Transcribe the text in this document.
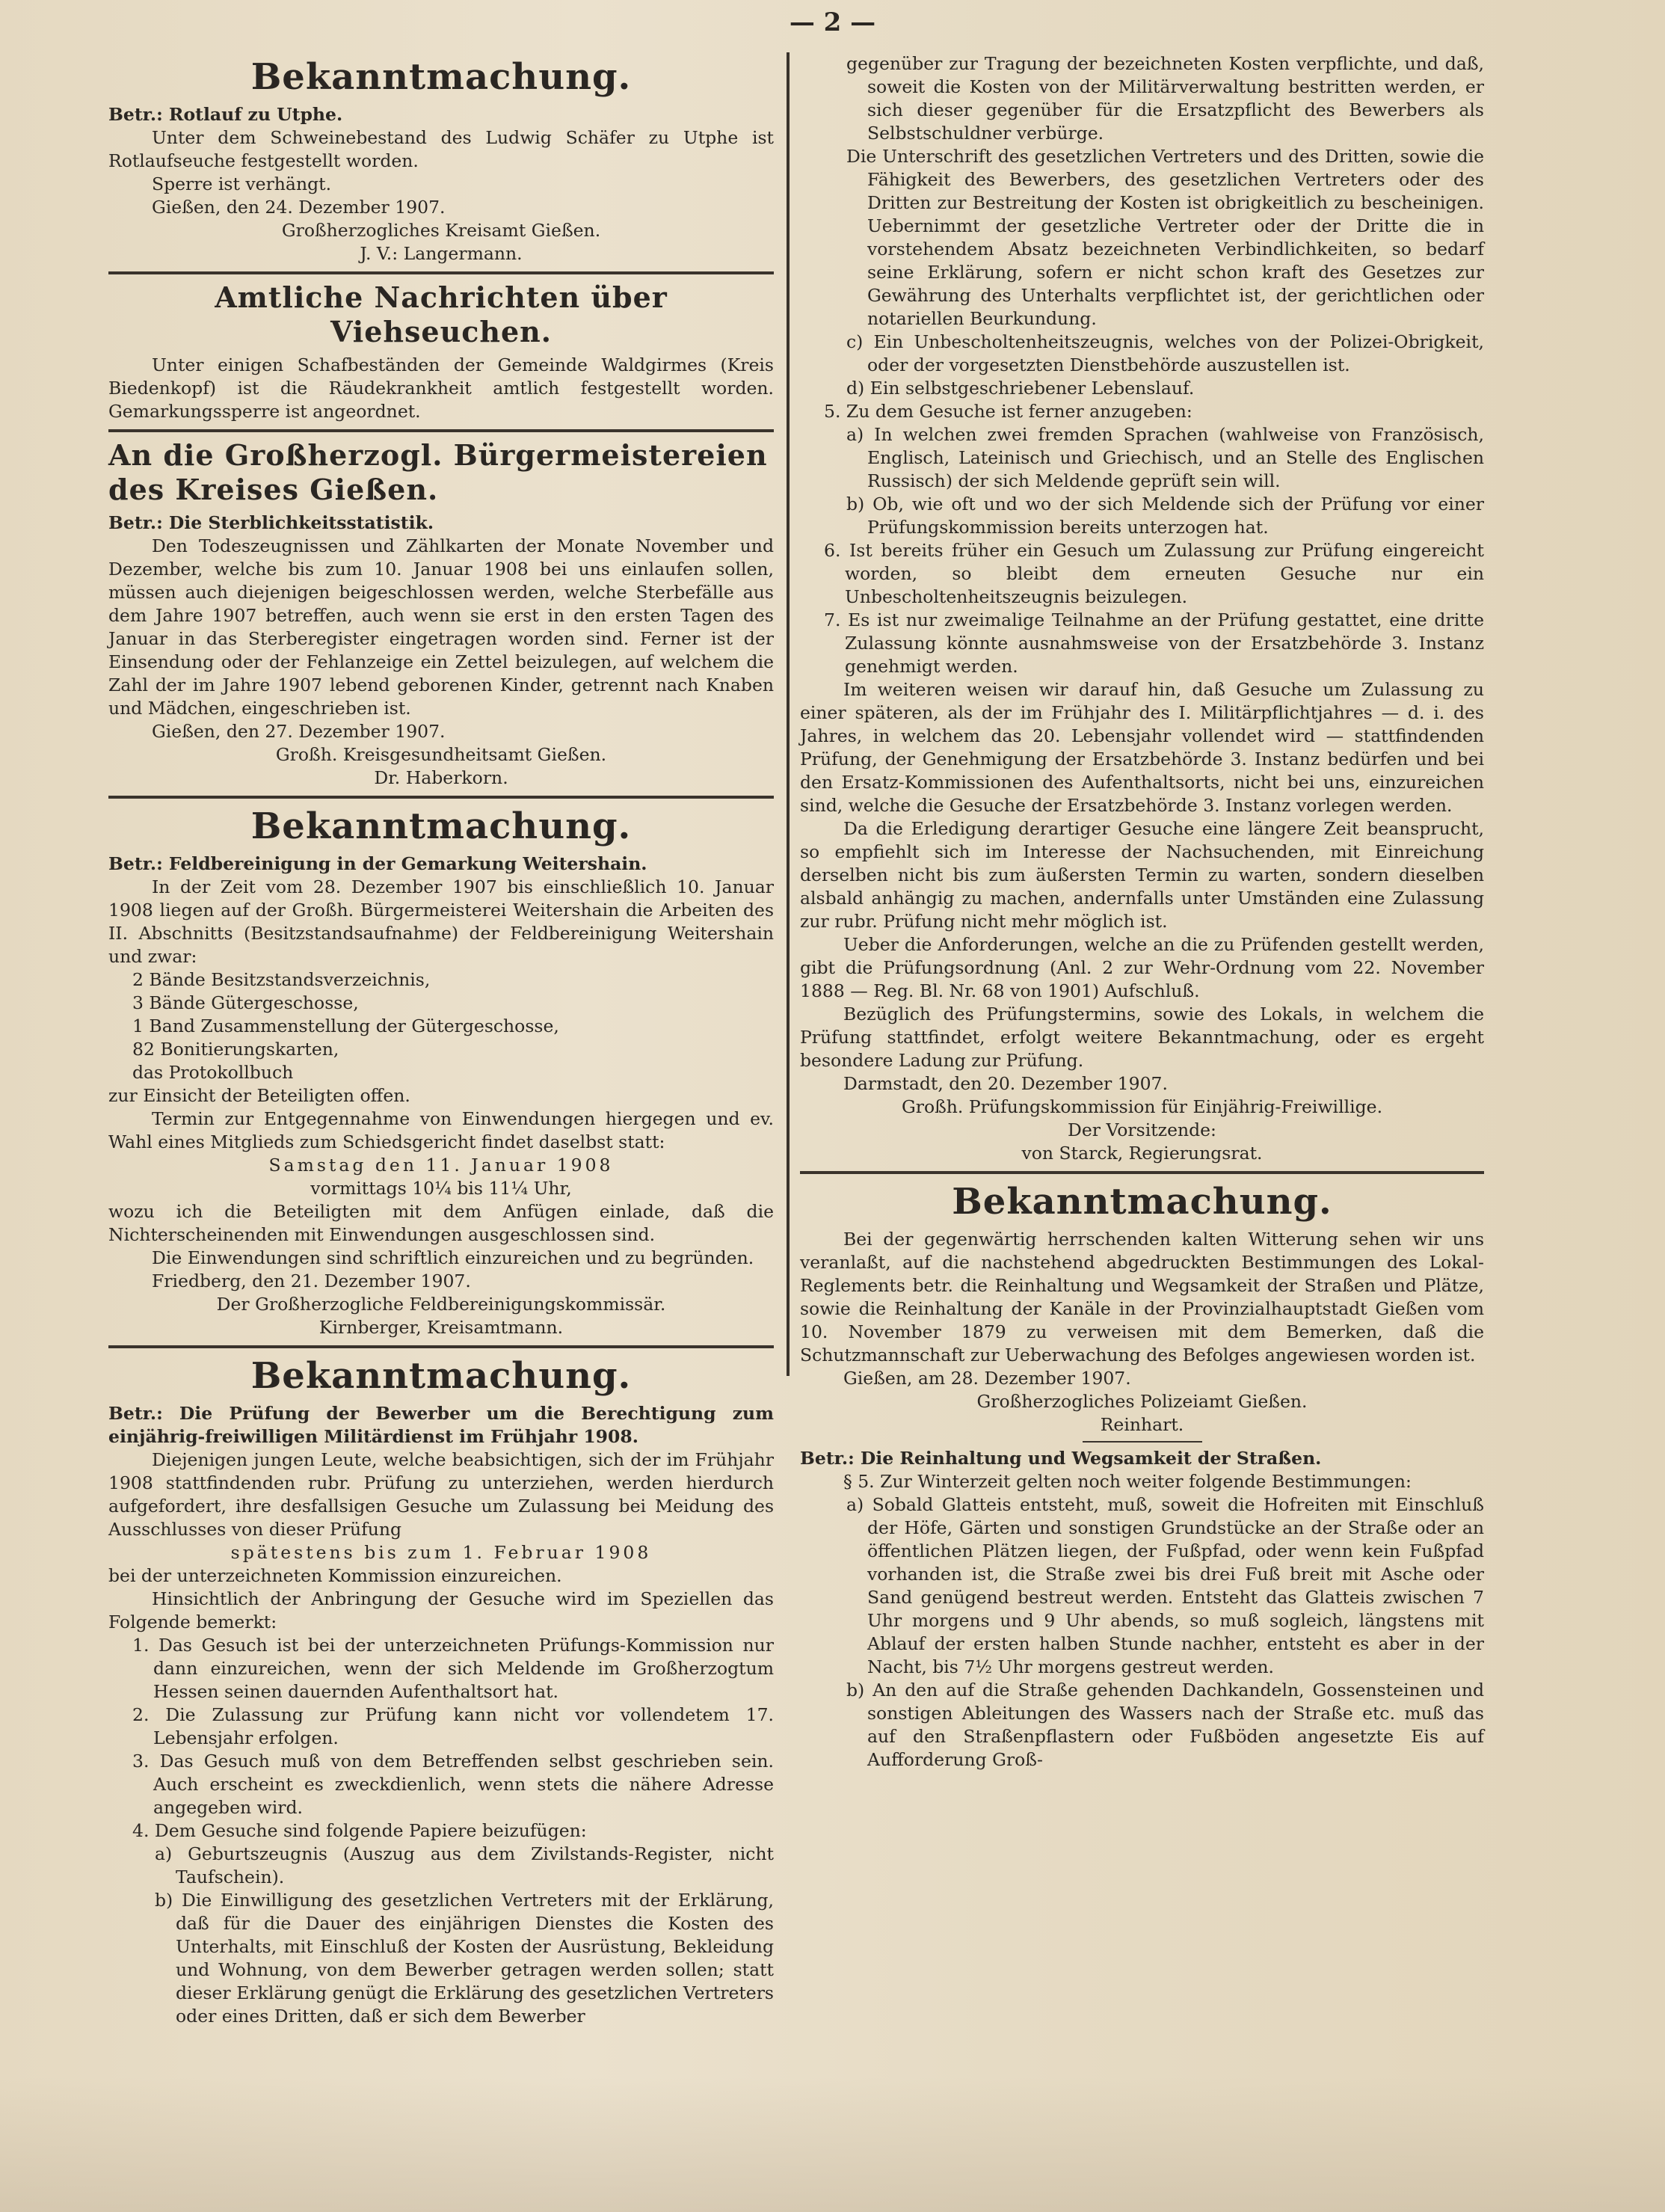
— 2 —
Bekanntmachung.

Betr.: Rotlauf zu Utphe.

Unter dem Schweinebestand des Ludwig Schäfer zu Utphe ist Rotlaufseuche festgestellt worden.

Sperre ist verhängt.

Gießen, den 24. Dezember 1907.

Großherzogliches Kreisamt Gießen.

J. V.: Langermann.

Amtliche Nachrichten über Viehseuchen.

Unter einigen Schafbeständen der Gemeinde Waldgirmes (Kreis Biedenkopf) ist die Räudekrankheit amtlich festgestellt worden. Gemarkungssperre ist angeordnet.

An die Großherzogl. Bürgermeistereien des Kreises Gießen.

Betr.: Die Sterblichkeitsstatistik.

Den Todeszeugnissen und Zählkarten der Monate November und Dezember, welche bis zum 10. Januar 1908 bei uns einlaufen sollen, müssen auch diejenigen beigeschlossen werden, welche Sterbefälle aus dem Jahre 1907 betreffen, auch wenn sie erst in den ersten Tagen des Januar in das Sterberegister eingetragen worden sind. Ferner ist der Einsendung oder der Fehlanzeige ein Zettel beizulegen, auf welchem die Zahl der im Jahre 1907 lebend geborenen Kinder, getrennt nach Knaben und Mädchen, eingeschrieben ist.

Gießen, den 27. Dezember 1907.

Großh. Kreisgesundheitsamt Gießen.

Dr. Haberkorn.

Bekanntmachung.

Betr.: Feldbereinigung in der Gemarkung Weitershain.

In der Zeit vom 28. Dezember 1907 bis einschließlich 10. Januar 1908 liegen auf der Großh. Bürgermeisterei Weitershain die Arbeiten des II. Abschnitts (Besitzstandsaufnahme) der Feldbereinigung Weitershain und zwar:

2 Bände Besitzstandsverzeichnis,

3 Bände Gütergeschosse,

1 Band Zusammenstellung der Gütergeschosse,

82 Bonitierungskarten,

das Protokollbuch

zur Einsicht der Beteiligten offen.

Termin zur Entgegennahme von Einwendungen hiergegen und ev. Wahl eines Mitglieds zum Schiedsgericht findet daselbst statt:

Samstag den 11. Januar 1908

vormittags 10¼ bis 11¼ Uhr,

wozu ich die Beteiligten mit dem Anfügen einlade, daß die Nichterscheinenden mit Einwendungen ausgeschlossen sind.

Die Einwendungen sind schriftlich einzureichen und zu begründen.

Friedberg, den 21. Dezember 1907.

Der Großherzogliche Feldbereinigungskommissär.

Kirnberger, Kreisamtmann.

Bekanntmachung.

Betr.: Die Prüfung der Bewerber um die Berechtigung zum einjährig-freiwilligen Militärdienst im Frühjahr 1908.

Diejenigen jungen Leute, welche beabsichtigen, sich der im Frühjahr 1908 stattfindenden rubr. Prüfung zu unterziehen, werden hierdurch aufgefordert, ihre desfallsigen Gesuche um Zulassung bei Meidung des Ausschlusses von dieser Prüfung

spätestens bis zum 1. Februar 1908

bei der unterzeichneten Kommission einzureichen.

Hinsichtlich der Anbringung der Gesuche wird im Speziellen das Folgende bemerkt:

1. Das Gesuch ist bei der unterzeichneten Prüfungs-Kommission nur dann einzureichen, wenn der sich Meldende im Großherzogtum Hessen seinen dauernden Aufenthaltsort hat.

2. Die Zulassung zur Prüfung kann nicht vor vollendetem 17. Lebensjahr erfolgen.

3. Das Gesuch muß von dem Betreffenden selbst geschrieben sein. Auch erscheint es zweckdienlich, wenn stets die nähere Adresse angegeben wird.

4. Dem Gesuche sind folgende Papiere beizufügen:

a) Geburtszeugnis (Auszug aus dem Zivilstands-Register, nicht Taufschein).

b) Die Einwilligung des gesetzlichen Vertreters mit der Erklärung, daß für die Dauer des einjährigen Dienstes die Kosten des Unterhalts, mit Einschluß der Kosten der Ausrüstung, Bekleidung und Wohnung, von dem Bewerber getragen werden sollen; statt dieser Erklärung genügt die Erklärung des gesetzlichen Vertreters oder eines Dritten, daß er sich dem Bewerber

gegenüber zur Tragung der bezeichneten Kosten verpflichte, und daß, soweit die Kosten von der Militärverwaltung bestritten werden, er sich dieser gegenüber für die Ersatzpflicht des Bewerbers als Selbstschuldner verbürge.

Die Unterschrift des gesetzlichen Vertreters und des Dritten, sowie die Fähigkeit des Bewerbers, des gesetzlichen Vertreters oder des Dritten zur Bestreitung der Kosten ist obrigkeitlich zu bescheinigen. Uebernimmt der gesetzliche Vertreter oder der Dritte die in vorstehendem Absatz bezeichneten Verbindlichkeiten, so bedarf seine Erklärung, sofern er nicht schon kraft des Gesetzes zur Gewährung des Unterhalts verpflichtet ist, der gerichtlichen oder notariellen Beurkundung.

c) Ein Unbescholtenheitszeugnis, welches von der Polizei-Obrigkeit, oder der vorgesetzten Dienstbehörde auszustellen ist.

d) Ein selbstgeschriebener Lebenslauf.

5. Zu dem Gesuche ist ferner anzugeben:

a) In welchen zwei fremden Sprachen (wahlweise von Französisch, Englisch, Lateinisch und Griechisch, und an Stelle des Englischen Russisch) der sich Meldende geprüft sein will.

b) Ob, wie oft und wo der sich Meldende sich der Prüfung vor einer Prüfungskommission bereits unterzogen hat.

6. Ist bereits früher ein Gesuch um Zulassung zur Prüfung eingereicht worden, so bleibt dem erneuten Gesuche nur ein Unbescholtenheitszeugnis beizulegen.

7. Es ist nur zweimalige Teilnahme an der Prüfung gestattet, eine dritte Zulassung könnte ausnahmsweise von der Ersatzbehörde 3. Instanz genehmigt werden.

Im weiteren weisen wir darauf hin, daß Gesuche um Zulassung zu einer späteren, als der im Frühjahr des I. Militärpflichtjahres — d. i. des Jahres, in welchem das 20. Lebensjahr vollendet wird — stattfindenden Prüfung, der Genehmigung der Ersatzbehörde 3. Instanz bedürfen und bei den Ersatz-Kommissionen des Aufenthaltsorts, nicht bei uns, einzureichen sind, welche die Gesuche der Ersatzbehörde 3. Instanz vorlegen werden.

Da die Erledigung derartiger Gesuche eine längere Zeit beansprucht, so empfiehlt sich im Interesse der Nachsuchenden, mit Einreichung derselben nicht bis zum äußersten Termin zu warten, sondern dieselben alsbald anhängig zu machen, andernfalls unter Umständen eine Zulassung zur rubr. Prüfung nicht mehr möglich ist.

Ueber die Anforderungen, welche an die zu Prüfenden gestellt werden, gibt die Prüfungsordnung (Anl. 2 zur Wehr-Ordnung vom 22. November 1888 — Reg. Bl. Nr. 68 von 1901) Aufschluß.

Bezüglich des Prüfungstermins, sowie des Lokals, in welchem die Prüfung stattfindet, erfolgt weitere Bekanntmachung, oder es ergeht besondere Ladung zur Prüfung.

Darmstadt, den 20. Dezember 1907.

Großh. Prüfungskommission für Einjährig-Freiwillige.

Der Vorsitzende:

von Starck, Regierungsrat.

Bekanntmachung.

Bei der gegenwärtig herrschenden kalten Witterung sehen wir uns veranlaßt, auf die nachstehend abgedruckten Bestimmungen des Lokal-Reglements betr. die Reinhaltung und Wegsamkeit der Straßen und Plätze, sowie die Reinhaltung der Kanäle in der Provinzialhauptstadt Gießen vom 10. November 1879 zu verweisen mit dem Bemerken, daß die Schutzmannschaft zur Ueberwachung des Befolges angewiesen worden ist.

Gießen, am 28. Dezember 1907.

Großherzogliches Polizeiamt Gießen.

Reinhart.

Betr.: Die Reinhaltung und Wegsamkeit der Straßen.

§ 5. Zur Winterzeit gelten noch weiter folgende Bestimmungen:

a) Sobald Glatteis entsteht, muß, soweit die Hofreiten mit Einschluß der Höfe, Gärten und sonstigen Grundstücke an der Straße oder an öffentlichen Plätzen liegen, der Fußpfad, oder wenn kein Fußpfad vorhanden ist, die Straße zwei bis drei Fuß breit mit Asche oder Sand genügend bestreut werden. Entsteht das Glatteis zwischen 7 Uhr morgens und 9 Uhr abends, so muß sogleich, längstens mit Ablauf der ersten halben Stunde nachher, entsteht es aber in der Nacht, bis 7½ Uhr morgens gestreut werden.

b) An den auf die Straße gehenden Dachkandeln, Gossensteinen und sonstigen Ableitungen des Wassers nach der Straße etc. muß das auf den Straßenpflastern oder Fußböden angesetzte Eis auf Aufforderung Groß-
